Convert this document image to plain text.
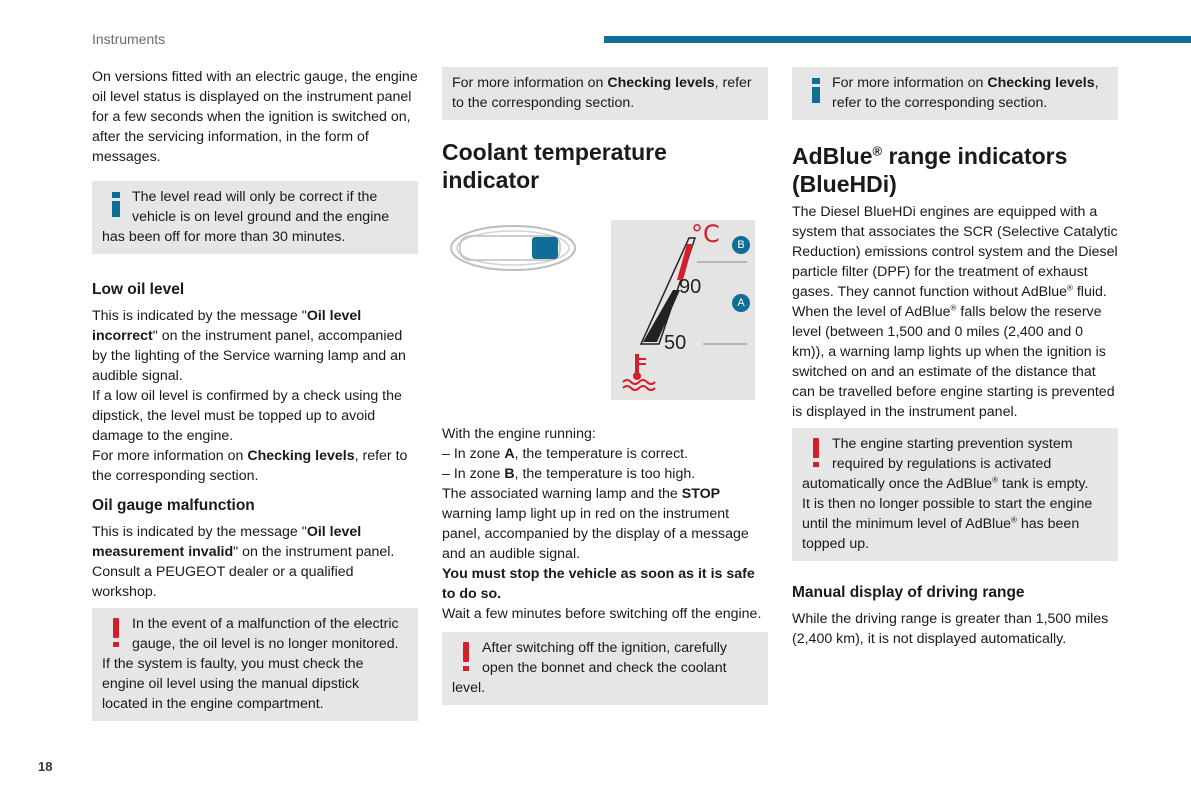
Instruments

On versions fitted with an electric gauge, the engine oil level status is displayed on the instrument panel for a few seconds when the ignition is switched on, after the servicing information, in the form of messages.

The level read will only be correct if the vehicle is on level ground and the engine has been off for more than 30 minutes.

Low oil level

This is indicated by the message "Oil level incorrect" on the instrument panel, accompanied by the lighting of the Service warning lamp and an audible signal.

If a low oil level is confirmed by a check using the dipstick, the level must be topped up to avoid damage to the engine.

For more information on Checking levels, refer to the corresponding section.

Oil gauge malfunction

This is indicated by the message "Oil level measurement invalid" on the instrument panel. Consult a PEUGEOT dealer or a qualified workshop.

In the event of a malfunction of the electric gauge, the oil level is no longer monitored.

If the system is faulty, you must check the engine oil level using the manual dipstick located in the engine compartment.

For more information on Checking levels, refer to the corresponding section.

Coolant temperature indicator
°C
90
50
B
A

With the engine running:

– In zone A, the temperature is correct.

– In zone B, the temperature is too high.

The associated warning lamp and the STOP warning lamp light up in red on the instrument panel, accompanied by the display of a message and an audible signal.

You must stop the vehicle as soon as it is safe to do so.

Wait a few minutes before switching off the engine.

After switching off the ignition, carefully open the bonnet and check the coolant level.

For more information on Checking levels, refer to the corresponding section.

AdBlue® range indicators (BlueHDi)

The Diesel BlueHDi engines are equipped with a system that associates the SCR (Selective Catalytic Reduction) emissions control system and the Diesel particle filter (DPF) for the treatment of exhaust gases. They cannot function without AdBlue® fluid.

When the level of AdBlue® falls below the reserve level (between 1,500 and 0 miles (2,400 and 0 km)), a warning lamp lights up when the ignition is switched on and an estimate of the distance that can be travelled before engine starting is prevented is displayed in the instrument panel.

The engine starting prevention system required by regulations is activated automatically once the AdBlue® tank is empty.

It is then no longer possible to start the engine until the minimum level of AdBlue® has been topped up.

Manual display of driving range

While the driving range is greater than 1,500 miles (2,400 km), it is not displayed automatically.

18
